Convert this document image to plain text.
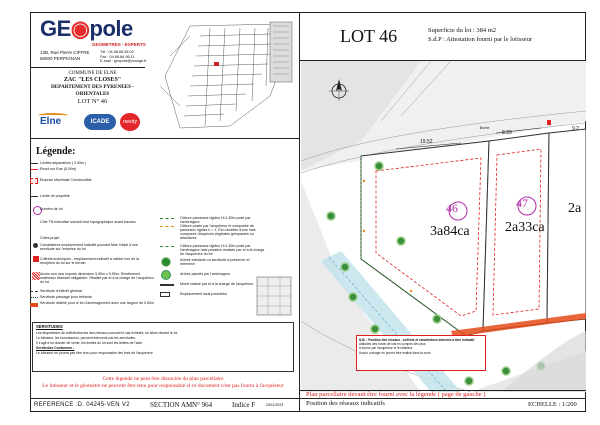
GE◉pole
GEOMETRES - EXPERTS
13B, Rue Pierre CIFFRE
66000 PERPIGNAN
Tél : 04.68.66.96.02
Fax : 04.68.66.96.11
E-mail : geopole@orange.fr
COMMUNE DE ELNE
ZAC "LES CLOSES"
DEPARTEMENT DES PYRENEES - ORIENTALES
LOT N° 46
Elne	ICADE	nexity
Légende:
Limites séparatives ( 3.00m )
Recul sur Rue (5.00m)
Emprise Maximale Constructible
Limite de propriété
Numéro de lot
Côte TN indicative suivant levé topographique avant travaux
Côtes projet
Candelabres emplacement indicatif pouvant faire l'objet d'une servitude sur l'emprise du lot
Coffrets techniques - emplacement indicatif à valider lors de la réception du lot sur le terrain
Accès non clos imposé dimension 5.50m x 5.50m. Revêtement matériaux drainant obligatoire. Réalisé par et à la charge de l'acquéreur du lot
Servitude d'intérêt général.
Servitude passage pour tréfonds
Servitude établie pour le lot d'aménagement avec une largeur de 0.60m
Clôture panneaux rigides H=1.50m posé par l'aménageur
Clôture posée par l'acquéreur et composée de panneaux rigides h = 1.70m doublée d'une haie composée d'espèces végétales grimpantes ou arbustives
Clôture panneaux rigides H=1.50m posé par l'aménageur haie privative réalisée par et à la charge de l'acquéreur du lot
Arbres existants ou servitude à préserver et intervenir
Arbres plantés par l'aménageur
Muret réalisé par et à la charge de l'acquéreur
Emplacement local poubelles
SERVITUDES
Les dispositions de coffrets/bornes des réseaux pouvant le cas échéant, se situer devant le lot
Le lotisseur, les fournisseurs, peuvent intervenir par les servitudes
Il s'agit d'un dossier de vente, les limites du lot sont les limites de l'acte
Servitudes Conformes :
Le lotisseur ne pourra pas être tenu pour responsable des frais de l'acquéreur
Cette légende ne peut être dissociée du plan parcellaire
Le lotisseur et le géomètre ne peuvent être tenu pour responsable si ce document n'est pas fourni à l'acquéreur
REFERENCE :D. 04245-VEN V2	SECTION AM N° 964	Indice F	29/11/2023
LOT 46	Superficie du lot : 384 m2
S.d.P : Attestation fourni par le lotisseur
46
3a84ca
47
2a33ca
2a
19.52
8.99
9.2
Borne
N.B. : Position des réseaux , coffrets et candelabres données à titre indicatif
Altitudes des fonds de lots en compris des plus
à fournir par l'acquéreur et le lotisseur
Aucun ouvrage ne pourra être réalisé dans la zone
Plan parcellaire devant être fourni avec la légende ( page de gauche )
Position des réseaux indicatifs	ECHELLE : 1/200
